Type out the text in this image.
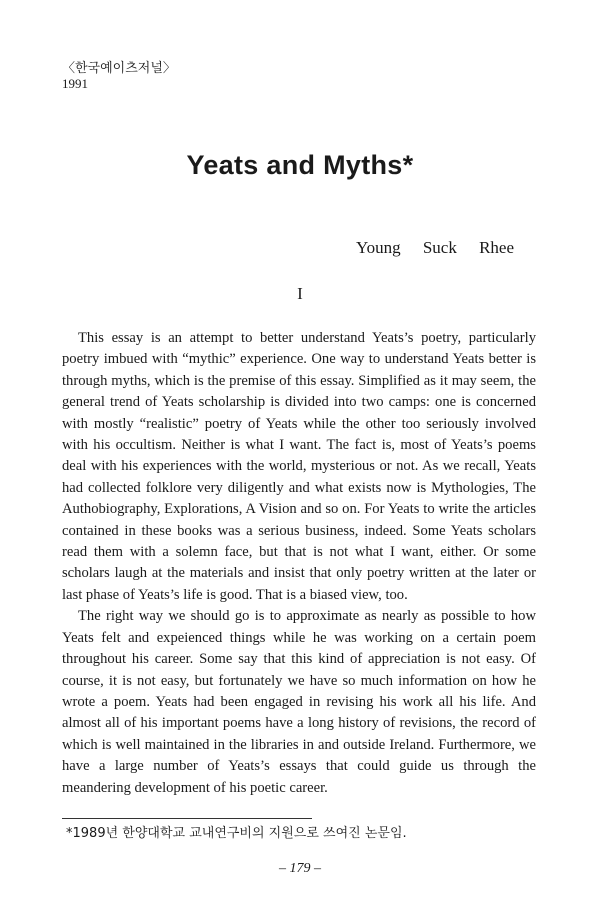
〈한국예이츠저널〉
1991
Yeats and Myths*
Young Suck Rhee
I

This essay is an attempt to better understand Yeats’s poetry, particularly poetry imbued with “mythic” experience. One way to understand Yeats better is through myths, which is the premise of this essay. Simplified as it may seem, the general trend of Yeats scholarship is divided into two camps: one is concerned with mostly “realistic” poetry of Yeats while the other too seriously involved with his occultism. Neither is what I want. The fact is, most of Yeats’s poems deal with his experiences with the world, mysterious or not. As we recall, Yeats had collected folklore very diligently and what exists now is Mythologies, The Authobiography, Explorations, A Vision and so on. For Yeats to write the articles contained in these books was a serious business, indeed. Some Yeats scholars read them with a solemn face, but that is not what I want, either. Or some scholars laugh at the materials and insist that only poetry written at the later or last phase of Yeats’s life is good. That is a biased view, too.

The right way we should go is to approximate as nearly as possible to how Yeats felt and expeienced things while he was working on a certain poem throughout his career. Some say that this kind of appreciation is not easy. Of course, it is not easy, but fortunately we have so much information on how he wrote a poem. Yeats had been engaged in revising his work all his life. And almost all of his important poems have a long history of revisions, the record of which is well maintained in the libraries in and outside Ireland. Furthermore, we have a large number of Yeats’s essays that could guide us through the meandering development of his poetic career.

*1989년 한양대학교 교내연구비의 지원으로 쓰여진 논문임.
– 179 –
